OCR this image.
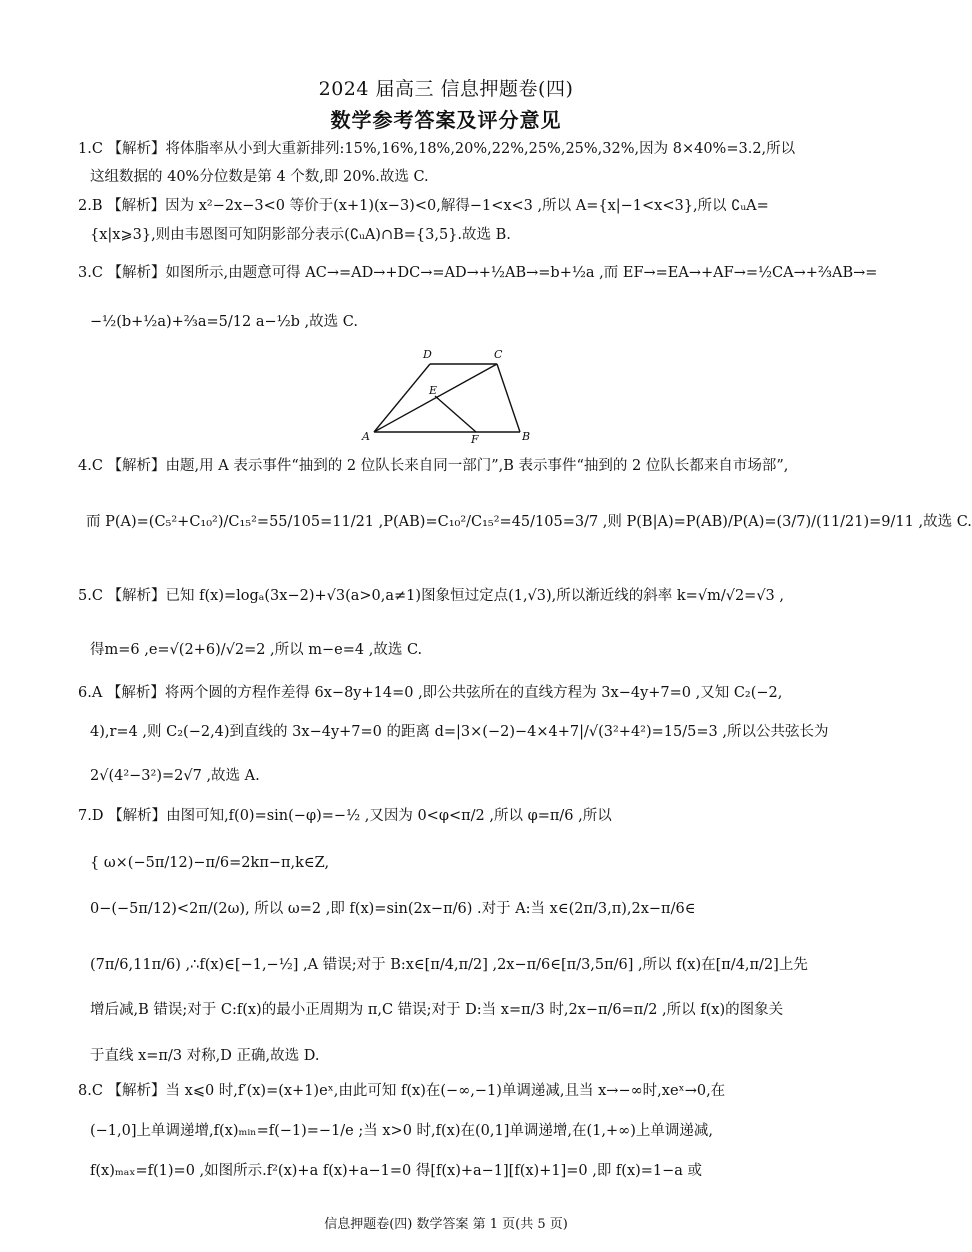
2024 届高三 信息押题卷(四)
数学参考答案及评分意见
1.C 【解析】将体脂率从小到大重新排列:15%,16%,18%,20%,22%,25%,25%,32%,因为 8×40%=3.2,所以
这组数据的 40%分位数是第 4 个数,即 20%.故选 C.
2.B 【解析】因为 x²−2x−3<0 等价于(x+1)(x−3)<0,解得−1<x<3 ,所以 A={x|−1<x<3},所以 ∁ᵤA=
{x|x⩾3},则由韦恩图可知阴影部分表示(∁ᵤA)∩B={3,5}.故选 B.
3.C 【解析】如图所示,由题意可得 AC→=AD→+DC→=AD→+½AB→=b+½a ,而 EF→=EA→+AF→=½CA→+⅔AB→=
−½(b+½a)+⅔a=5/12 a−½b ,故选 C.
A	B
C
D
E
F
4.C 【解析】由题,用 A 表示事件“抽到的 2 位队长来自同一部门”,B 表示事件“抽到的 2 位队长都来自市场部”,
而 P(A)=(C₅²+C₁₀²)/C₁₅²=55/105=11/21 ,P(AB)=C₁₀²/C₁₅²=45/105=3/7 ,则 P(B|A)=P(AB)/P(A)=(3/7)/(11/21)=9/11 ,故选 C.
5.C 【解析】已知 f(x)=logₐ(3x−2)+√3(a>0,a≠1)图象恒过定点(1,√3),所以渐近线的斜率 k=√m/√2=√3 ,
得m=6 ,e=√(2+6)/√2=2 ,所以 m−e=4 ,故选 C.
6.A 【解析】将两个圆的方程作差得 6x−8y+14=0 ,即公共弦所在的直线方程为 3x−4y+7=0 ,又知 C₂(−2,
4),r=4 ,则 C₂(−2,4)到直线的 3x−4y+7=0 的距离 d=|3×(−2)−4×4+7|/√(3²+4²)=15/5=3 ,所以公共弦长为
2√(4²−3²)=2√7 ,故选 A.
7.D 【解析】由图可知,f(0)=sin(−φ)=−½ ,又因为 0<φ<π/2 ,所以 φ=π/6 ,所以
{ ω×(−5π/12)−π/6=2kπ−π,k∈Z,
0−(−5π/12)<2π/(2ω), 所以 ω=2 ,即 f(x)=sin(2x−π/6) .对于 A:当 x∈(2π/3,π),2x−π/6∈
(7π/6,11π/6) ,∴f(x)∈[−1,−½] ,A 错误;对于 B:x∈[π/4,π/2] ,2x−π/6∈[π/3,5π/6] ,所以 f(x)在[π/4,π/2]上先
增后减,B 错误;对于 C:f(x)的最小正周期为 π,C 错误;对于 D:当 x=π/3 时,2x−π/6=π/2 ,所以 f(x)的图象关
于直线 x=π/3 对称,D 正确,故选 D.
8.C 【解析】当 x⩽0 时,f′(x)=(x+1)eˣ,由此可知 f(x)在(−∞,−1)单调递减,且当 x→−∞时,xeˣ→0,在
(−1,0]上单调递增,f(x)ₘᵢₙ=f(−1)=−1/e ;当 x>0 时,f(x)在(0,1]单调递增,在(1,+∞)上单调递减,
f(x)ₘₐₓ=f(1)=0 ,如图所示.f²(x)+a f(x)+a−1=0 得[f(x)+a−1][f(x)+1]=0 ,即 f(x)=1−a 或
信息押题卷(四) 数学答案 第 1 页(共 5 页)
